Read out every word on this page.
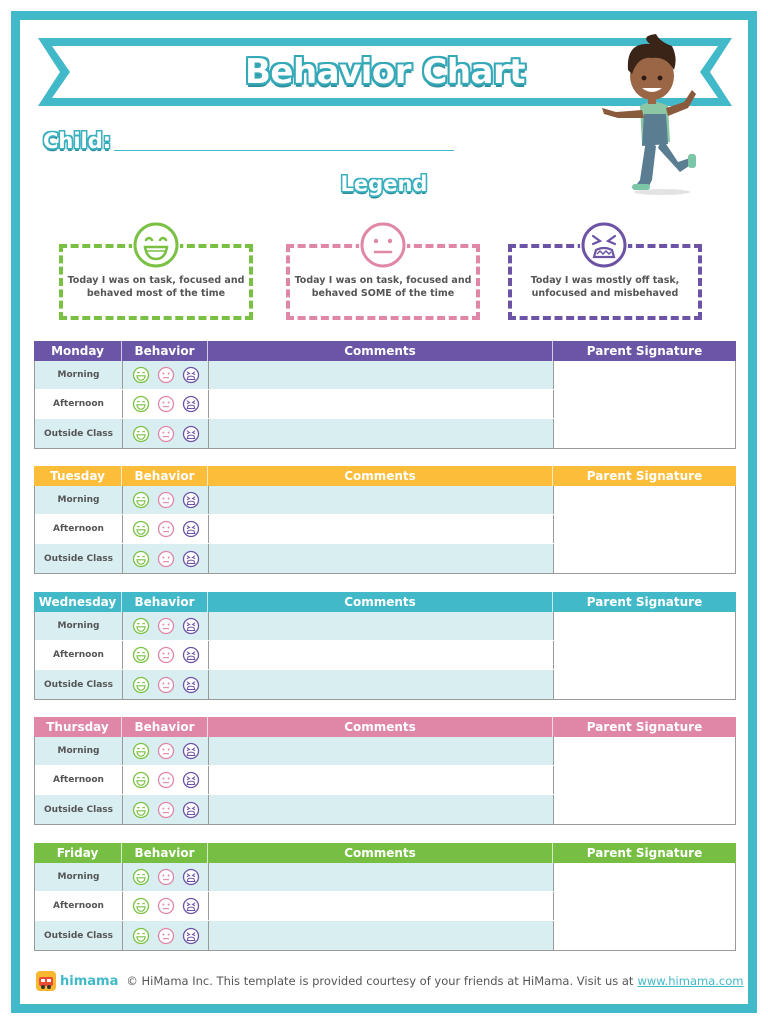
Behavior Chart
Child:
Legend
Today I was on task, focused and behaved most of the time
Today I was on task, focused and behaved SOME of the time
Today I was mostly off task, unfocused and misbehaved
Monday	Behavior	Comments	Parent Signature
Morning
Afternoon
Outside Class
Tuesday	Behavior	Comments	Parent Signature
Morning
Afternoon
Outside Class
Wednesday	Behavior	Comments	Parent Signature
Morning
Afternoon
Outside Class
Thursday	Behavior	Comments	Parent Signature
Morning
Afternoon
Outside Class
Friday	Behavior	Comments	Parent Signature
Morning
Afternoon
Outside Class
himama © HiMama Inc. This template is provided courtesy of your friends at HiMama. Visit us at www.himama.com
